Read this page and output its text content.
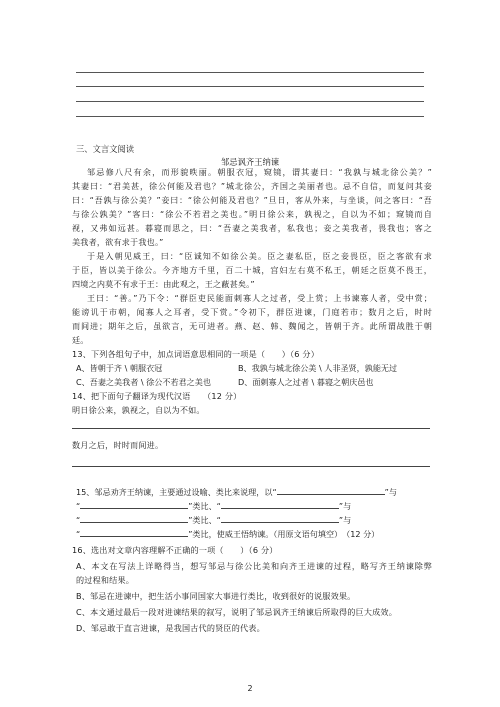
三、文言文阅读
邹忌讽齐王纳谏
邹忌修八尺有余，而形貌昳丽。朝服衣冠，窥镜，谓其妻曰：“我孰与城北徐公美？”
其妻曰：“君美甚，徐公何能及君也？”城北徐公，齐国之美丽者也。忌不自信，而复问其妾
曰：“吾孰与徐公美？”妾曰：“徐公何能及君也？”旦日，客从外来，与坐谈，问之客曰：“吾
与徐公孰美？”客曰：“徐公不若君之美也。”明日徐公来，孰视之，自以为不如；窥镜而自
视，又弗如远甚。暮寝而思之，曰：“吾妻之美我者，私我也；妾之美我者，畏我也；客之
美我者，欲有求于我也。”
于是入朝见威王，曰：“臣诚知不如徐公美。臣之妻私臣，臣之妾畏臣，臣之客欲有求
于臣，皆以美于徐公。今齐地方千里，百二十城，宫妇左右莫不私王，朝廷之臣莫不畏王，
四境之内莫不有求于王：由此观之，王之蔽甚矣。”
王曰：“善。”乃下令：“群臣吏民能面刺寡人之过者，受上赏；上书谏寡人者，受中赏；
能谤讥于市朝，闻寡人之耳者，受下赏。”令初下，群臣进谏，门庭若市；数月之后，时时
而间进；期年之后，虽欲言，无可进者。燕、赵、韩、魏闻之，皆朝于齐。此所谓战胜于朝
廷。
13、下列各组句子中，加点词语意思相同的一项是（　　）（6 分）
A、皆朝于齐 \ 朝服衣冠	B、我孰与城北徐公美 \ 人非圣贤，孰能无过
C、吾妻之美我者 \ 徐公不若君之美也	D、面刺寡人之过者 \ 暮寝之朝庆邑也
14、把下面句子翻译为现代汉语　　（12 分）
明日徐公来，孰视之，自以为不如。
数月之后，时时而间进。
15、邹忌劝齐王纳谏，主要通过设喻、类比来说理，以“	”与
“	”类比、“	”与
“	”类比、“	”与
“	”类比，使威王悟纳谏。（用原文语句填空）　（12 分）
16、选出对文章内容理解不正确的一项（　　）（6 分）
A、本文在写法上详略得当，想写邹忌与徐公比美和向齐王进谏的过程，略写齐王纳谏除弊
的过程和结果。
B、邹忌在进谏中，把生活小事同国家大事进行类比，收到很好的说服效果。
C、本文通过最后一段对进谏结果的叙写，说明了邹忌讽齐王纳谏后所取得的巨大成效。
D、邹忌敢于直言进谏，是我国古代的贤臣的代表。
2
